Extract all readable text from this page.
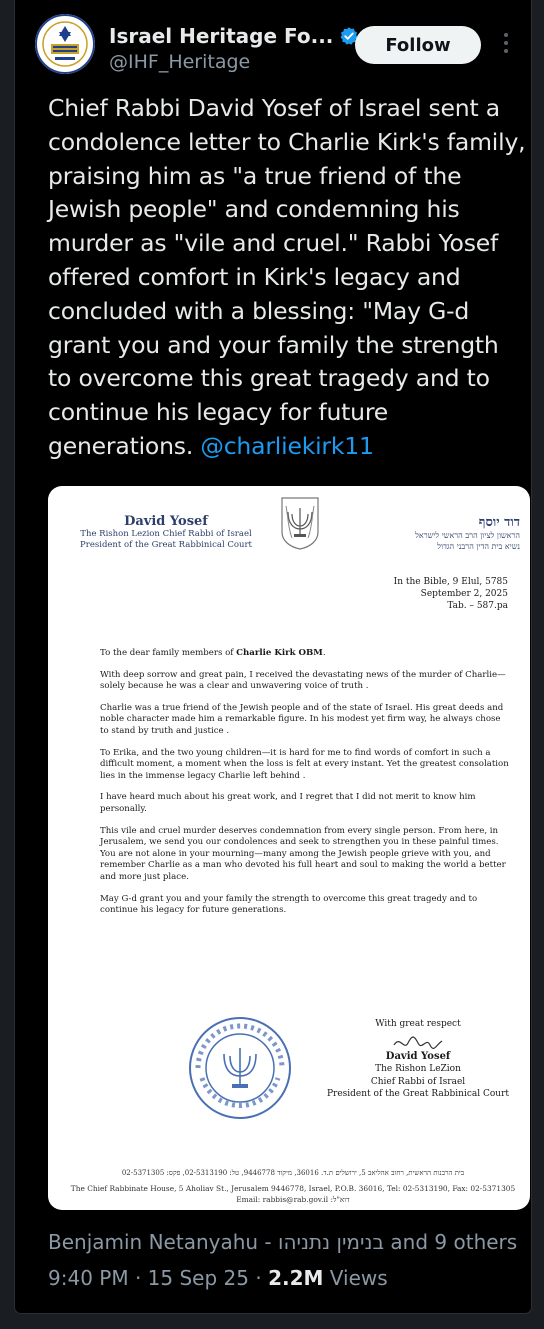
Israel Heritage Fo...
@IHF_Heritage
Follow
Chief Rabbi David Yosef of Israel sent a condolence letter to Charlie Kirk's family, praising him as "a true friend of the Jewish people" and condemning his murder as "vile and cruel." Rabbi Yosef offered comfort in Kirk's legacy and concluded with a blessing: "May G-d grant you and your family the strength to overcome this great tragedy and to continue his legacy for future generations. @charliekirk11
David Yosef
The Rishon Lezion Chief Rabbi of Israel
President of the Great Rabbinical Court
דוד יוסף
הראשון לציון הרב הראשי לישראל
נשיא בית הדין הרבני הגדול
In the Bible, 9 Elul, 5785
September 2, 2025
Tab. – 587.pa

To the dear family members of Charlie Kirk OBM.

With deep sorrow and great pain, I received the devastating news of the murder of Charlie—solely because he was a clear and unwavering voice of truth .

Charlie was a true friend of the Jewish people and of the state of Israel. His great deeds and noble character made him a remarkable figure. In his modest yet firm way, he always chose to stand by truth and justice .

To Erika, and the two young children—it is hard for me to find words of comfort in such a difficult moment, a moment when the loss is felt at every instant. Yet the greatest consolation lies in the immense legacy Charlie left behind .

I have heard much about his great work, and I regret that I did not merit to know him personally.

This vile and cruel murder deserves condemnation from every single person. From here, in Jerusalem, we send you our condolences and seek to strengthen you in these painful times. You are not alone in your mourning—many among the Jewish people grieve with you, and remember Charlie as a man who devoted his full heart and soul to making the world a better and more just place.

May G-d grant you and your family the strength to overcome this great tragedy and to continue his legacy for future generations.

With great respect
David Yosef
The Rishon LeZion
Chief Rabbi of Israel
President of the Great Rabbinical Court
בית הרבנות הראשית, רחוב אהליאב 5, ירושלים ת.ד. 36016, מיקוד 9446778, טל: 02-5313190, פקס: 02-5371305
The Chief Rabbinate House, 5 Aholiav St., Jerusalem 9446778, Israel, P.O.B. 36016, Tel: 02-5313190, Fax: 02-5371305
Email: rabbis@rab.gov.il :דוא"ל
Benjamin Netanyahu - בנימין נתניהו and 9 others
9:40 PM · 15 Sep 25 · 2.2M Views
